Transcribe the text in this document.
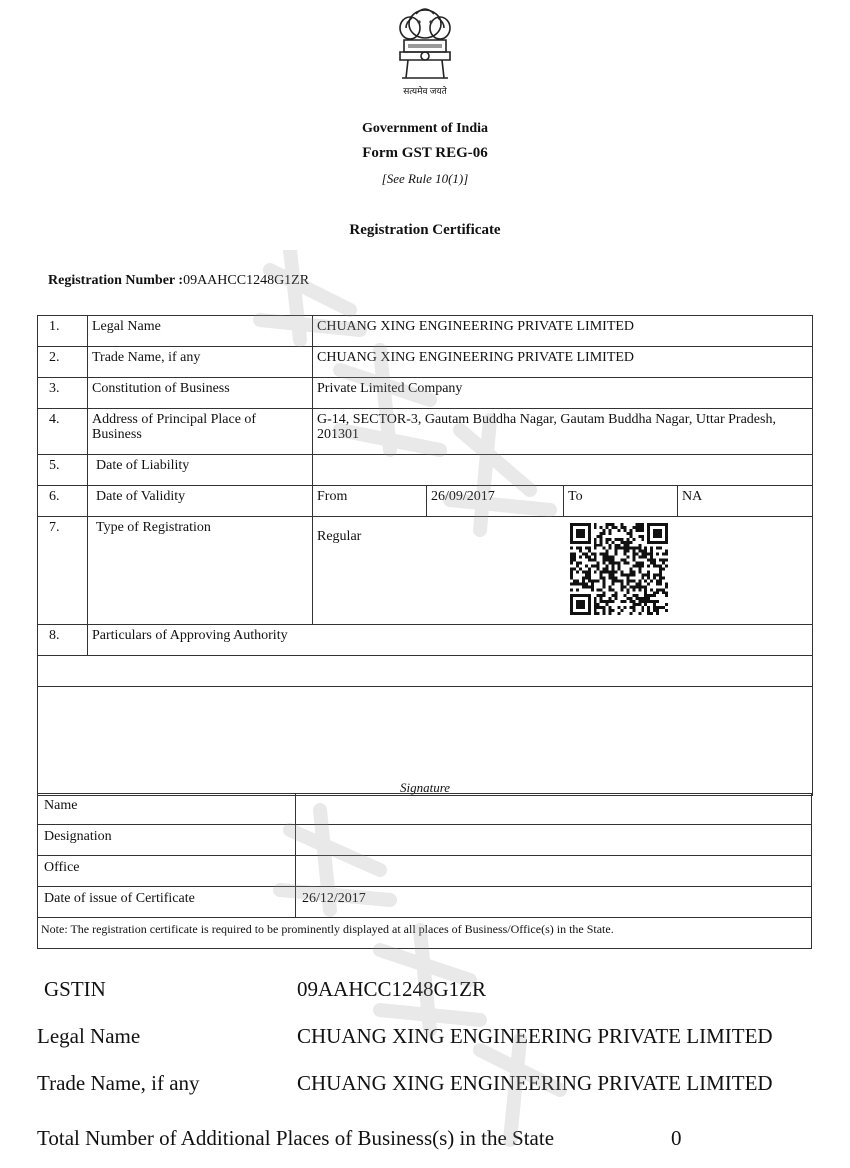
सत्यमेव जयते
Government of India
Form GST REG-06
[See Rule 10(1)]
Registration Certificate
Registration Number :09AAHCC1248G1ZR
1.	Legal Name	CHUANG XING ENGINEERING PRIVATE LIMITED			
2.	Trade Name, if any	CHUANG XING ENGINEERING PRIVATE LIMITED			
3.	Constitution of Business	Private Limited Company			
4.	Address of Principal Place of Business	G-14, SECTOR-3, Gautam Buddha Nagar, Gautam Buddha Nagar, Uttar Pradesh, 201301			
5.	Date of Liability				
6.	Date of Validity	From	26/09/2017	To	NA
7.	Type of Registration	Regular			
8.	Particulars of Approving Authority				

Signature					
Name	
Designation	
Office	
Date of issue of Certificate	26/12/2017
Note: The registration certificate is required to be prominently displayed at all places of Business/Office(s) in the State.	
GSTIN	09AAHCC1248G1ZR
Legal Name	CHUANG XING ENGINEERING PRIVATE LIMITED
Trade Name, if any	CHUANG XING ENGINEERING PRIVATE LIMITED
Total Number of Additional Places of Business(s) in the State	0
